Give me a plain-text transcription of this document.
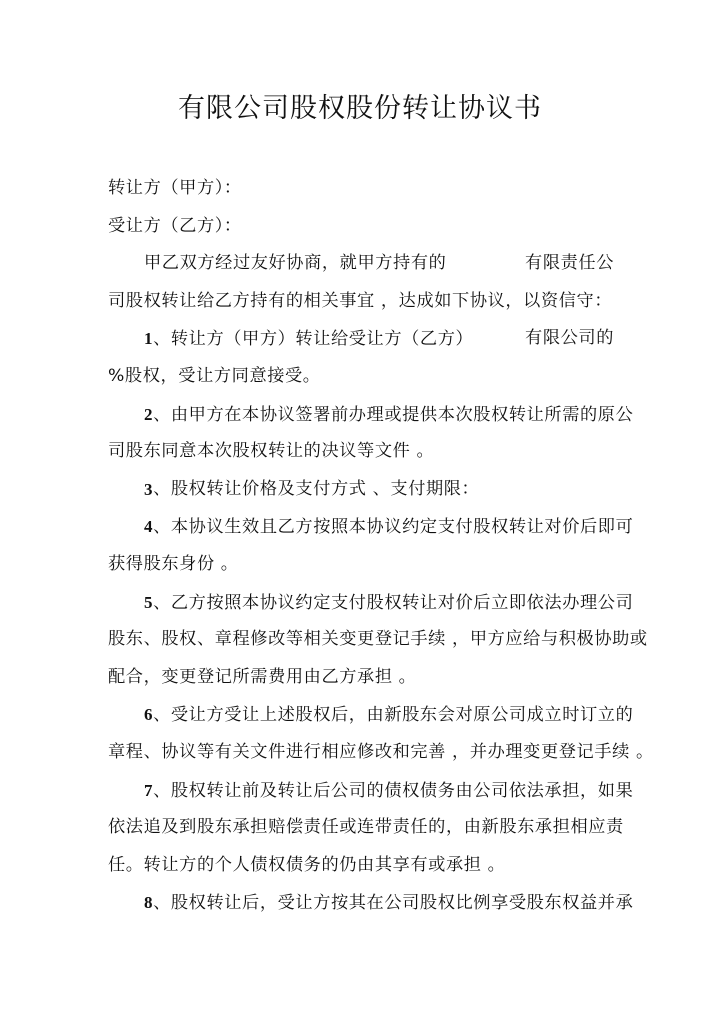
有限公司股权股份转让协议书
转让方（甲方）：
受让方（乙方）：
甲乙双方经过友好协商，就甲方持有的	有限责任公
司股权转让给乙方持有的相关事宜 ，达成如下协议，以资信守：
1、转让方（甲方）转让给受让方（乙方）	有限公司的
%股权，受让方同意接受。
2、由甲方在本协议签署前办理或提供本次股权转让所需的原公
司股东同意本次股权转让的决议等文件 。
3 、股权转让价格及支付方式 、支付期限：
4、本协议生效且乙方按照本协议约定支付股权转让对价后即可
获得股东身份 。
5、乙方按照本协议约定支付股权转让对价后立即依法办理公司
股东、股权、章程修改等相关变更登记手续 ，甲方应给与积极协助或
配合，变更登记所需费用由乙方承担 。
6、受让方受让上述股权后，由新股东会对原公司成立时订立的
章程、协议等有关文件进行相应修改和完善 ，并办理变更登记手续 。
7、股权转让前及转让后公司的债权债务由公司依法承担，如果
依法追及到股东承担赔偿责任或连带责任的，由新股东承担相应责
任。转让方的个人债权债务的仍由其享有或承担 。
8、股权转让后，受让方按其在公司股权比例享受股东权益并承
